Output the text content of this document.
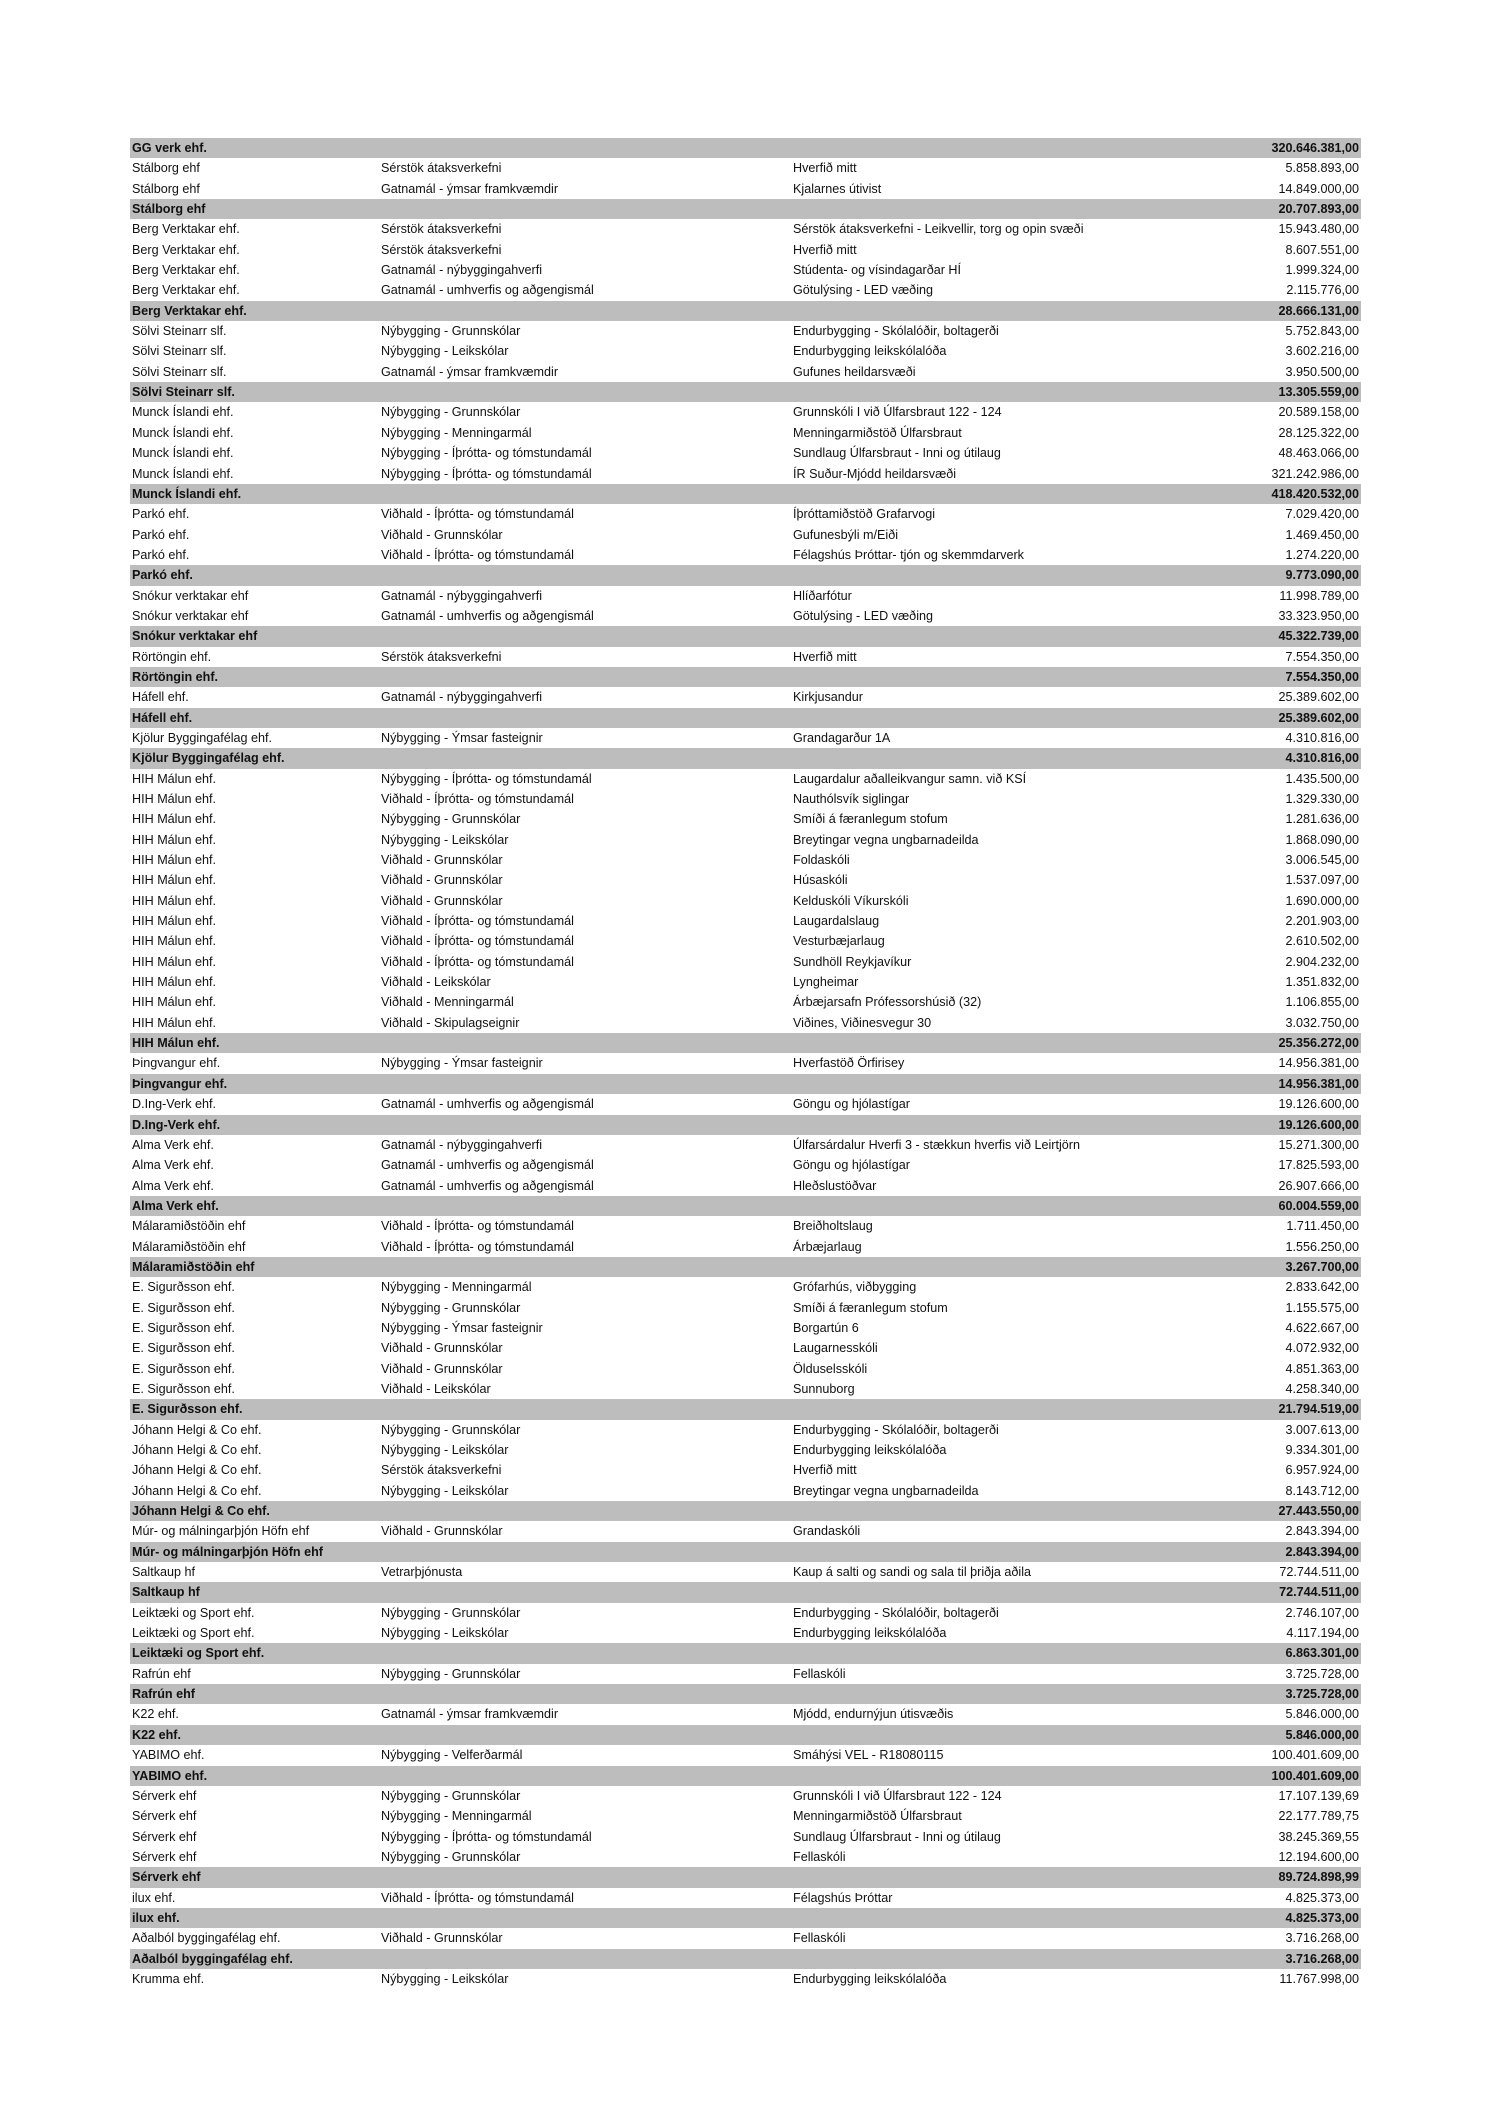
GG verk ehf.	320.646.381,00
Stálborg ehf	Sérstök átaksverkefni	Hverfið mitt	5.858.893,00
Stálborg ehf	Gatnamál - ýmsar framkvæmdir	Kjalarnes útivist	14.849.000,00
Stálborg ehf	20.707.893,00
Berg Verktakar ehf.	Sérstök átaksverkefni	Sérstök átaksverkefni - Leikvellir, torg og opin svæði	15.943.480,00
Berg Verktakar ehf.	Sérstök átaksverkefni	Hverfið mitt	8.607.551,00
Berg Verktakar ehf.	Gatnamál - nýbyggingahverfi	Stúdenta- og vísindagarðar HÍ	1.999.324,00
Berg Verktakar ehf.	Gatnamál - umhverfis og aðgengismál	Götulýsing - LED væðing	2.115.776,00
Berg Verktakar ehf.	28.666.131,00
Sölvi Steinarr slf.	Nýbygging - Grunnskólar	Endurbygging - Skólalóðir, boltagerði	5.752.843,00
Sölvi Steinarr slf.	Nýbygging - Leikskólar	Endurbygging leikskólalóða	3.602.216,00
Sölvi Steinarr slf.	Gatnamál - ýmsar framkvæmdir	Gufunes heildarsvæði	3.950.500,00
Sölvi Steinarr slf.	13.305.559,00
Munck Íslandi ehf.	Nýbygging - Grunnskólar	Grunnskóli I við Úlfarsbraut 122 - 124	20.589.158,00
Munck Íslandi ehf.	Nýbygging - Menningarmál	Menningarmiðstöð Úlfarsbraut	28.125.322,00
Munck Íslandi ehf.	Nýbygging - Íþrótta- og tómstundamál	Sundlaug Úlfarsbraut - Inni og útilaug	48.463.066,00
Munck Íslandi ehf.	Nýbygging - Íþrótta- og tómstundamál	ÍR Suður-Mjódd heildarsvæði	321.242.986,00
Munck Íslandi ehf.	418.420.532,00
Parkó ehf.	Viðhald - Íþrótta- og tómstundamál	Íþróttamiðstöð Grafarvogi	7.029.420,00
Parkó ehf.	Viðhald - Grunnskólar	Gufunesbýli m/Eiði	1.469.450,00
Parkó ehf.	Viðhald - Íþrótta- og tómstundamál	Félagshús Þróttar- tjón og skemmdarverk	1.274.220,00
Parkó ehf.	9.773.090,00
Snókur verktakar ehf	Gatnamál - nýbyggingahverfi	Hlíðarfótur	11.998.789,00
Snókur verktakar ehf	Gatnamál - umhverfis og aðgengismál	Götulýsing - LED væðing	33.323.950,00
Snókur verktakar ehf	45.322.739,00
Rörtöngin ehf.	Sérstök átaksverkefni	Hverfið mitt	7.554.350,00
Rörtöngin ehf.	7.554.350,00
Háfell ehf.	Gatnamál - nýbyggingahverfi	Kirkjusandur	25.389.602,00
Háfell ehf.	25.389.602,00
Kjölur Byggingafélag ehf.	Nýbygging - Ýmsar fasteignir	Grandagarður 1A	4.310.816,00
Kjölur Byggingafélag ehf.	4.310.816,00
HIH Málun ehf.	Nýbygging - Íþrótta- og tómstundamál	Laugardalur aðalleikvangur samn. við KSÍ	1.435.500,00
HIH Málun ehf.	Viðhald - Íþrótta- og tómstundamál	Nauthólsvík siglingar	1.329.330,00
HIH Málun ehf.	Nýbygging - Grunnskólar	Smíði á færanlegum stofum	1.281.636,00
HIH Málun ehf.	Nýbygging - Leikskólar	Breytingar vegna ungbarnadeilda	1.868.090,00
HIH Málun ehf.	Viðhald - Grunnskólar	Foldaskóli	3.006.545,00
HIH Málun ehf.	Viðhald - Grunnskólar	Húsaskóli	1.537.097,00
HIH Málun ehf.	Viðhald - Grunnskólar	Kelduskóli Víkurskóli	1.690.000,00
HIH Málun ehf.	Viðhald - Íþrótta- og tómstundamál	Laugardalslaug	2.201.903,00
HIH Málun ehf.	Viðhald - Íþrótta- og tómstundamál	Vesturbæjarlaug	2.610.502,00
HIH Málun ehf.	Viðhald - Íþrótta- og tómstundamál	Sundhöll Reykjavíkur	2.904.232,00
HIH Málun ehf.	Viðhald - Leikskólar	Lyngheimar	1.351.832,00
HIH Málun ehf.	Viðhald - Menningarmál	Árbæjarsafn Prófessorshúsið (32)	1.106.855,00
HIH Málun ehf.	Viðhald - Skipulagseignir	Viðines, Viðinesvegur 30	3.032.750,00
HIH Málun ehf.	25.356.272,00
Þingvangur ehf.	Nýbygging - Ýmsar fasteignir	Hverfastöð Örfirisey	14.956.381,00
Þingvangur ehf.	14.956.381,00
D.Ing-Verk ehf.	Gatnamál - umhverfis og aðgengismál	Göngu og hjólastígar	19.126.600,00
D.Ing-Verk ehf.	19.126.600,00
Alma Verk ehf.	Gatnamál - nýbyggingahverfi	Úlfarsárdalur Hverfi 3 - stækkun hverfis við Leirtjörn	15.271.300,00
Alma Verk ehf.	Gatnamál - umhverfis og aðgengismál	Göngu og hjólastígar	17.825.593,00
Alma Verk ehf.	Gatnamál - umhverfis og aðgengismál	Hleðslustöðvar	26.907.666,00
Alma Verk ehf.	60.004.559,00
Málaramiðstöðin ehf	Viðhald - Íþrótta- og tómstundamál	Breiðholtslaug	1.711.450,00
Málaramiðstöðin ehf	Viðhald - Íþrótta- og tómstundamál	Árbæjarlaug	1.556.250,00
Málaramiðstöðin ehf	3.267.700,00
E. Sigurðsson ehf.	Nýbygging - Menningarmál	Grófarhús, viðbygging	2.833.642,00
E. Sigurðsson ehf.	Nýbygging - Grunnskólar	Smíði á færanlegum stofum	1.155.575,00
E. Sigurðsson ehf.	Nýbygging - Ýmsar fasteignir	Borgartún 6	4.622.667,00
E. Sigurðsson ehf.	Viðhald - Grunnskólar	Laugarnesskóli	4.072.932,00
E. Sigurðsson ehf.	Viðhald - Grunnskólar	Ölduselsskóli	4.851.363,00
E. Sigurðsson ehf.	Viðhald - Leikskólar	Sunnuborg	4.258.340,00
E. Sigurðsson ehf.	21.794.519,00
Jóhann Helgi & Co ehf.	Nýbygging - Grunnskólar	Endurbygging - Skólalóðir, boltagerði	3.007.613,00
Jóhann Helgi & Co ehf.	Nýbygging - Leikskólar	Endurbygging leikskólalóða	9.334.301,00
Jóhann Helgi & Co ehf.	Sérstök átaksverkefni	Hverfið mitt	6.957.924,00
Jóhann Helgi & Co ehf.	Nýbygging - Leikskólar	Breytingar vegna ungbarnadeilda	8.143.712,00
Jóhann Helgi & Co ehf.	27.443.550,00
Múr- og málningarþjón Höfn ehf	Viðhald - Grunnskólar	Grandaskóli	2.843.394,00
Múr- og málningarþjón Höfn ehf	2.843.394,00
Saltkaup hf	Vetrarþjónusta	Kaup á salti og sandi og sala til þriðja aðila	72.744.511,00
Saltkaup hf	72.744.511,00
Leiktæki og Sport ehf.	Nýbygging - Grunnskólar	Endurbygging - Skólalóðir, boltagerði	2.746.107,00
Leiktæki og Sport ehf.	Nýbygging - Leikskólar	Endurbygging leikskólalóða	4.117.194,00
Leiktæki og Sport ehf.	6.863.301,00
Rafrún ehf	Nýbygging - Grunnskólar	Fellaskóli	3.725.728,00
Rafrún ehf	3.725.728,00
K22 ehf.	Gatnamál - ýmsar framkvæmdir	Mjódd, endurnýjun útisvæðis	5.846.000,00
K22 ehf.	5.846.000,00
YABIMO ehf.	Nýbygging - Velferðarmál	Smáhýsi VEL - R18080115	100.401.609,00
YABIMO ehf.	100.401.609,00
Sérverk ehf	Nýbygging - Grunnskólar	Grunnskóli I við Úlfarsbraut 122 - 124	17.107.139,69
Sérverk ehf	Nýbygging - Menningarmál	Menningarmiðstöð Úlfarsbraut	22.177.789,75
Sérverk ehf	Nýbygging - Íþrótta- og tómstundamál	Sundlaug Úlfarsbraut - Inni og útilaug	38.245.369,55
Sérverk ehf	Nýbygging - Grunnskólar	Fellaskóli	12.194.600,00
Sérverk ehf	89.724.898,99
ilux ehf.	Viðhald - Íþrótta- og tómstundamál	Félagshús Þróttar	4.825.373,00
ilux ehf.	4.825.373,00
Aðalból byggingafélag ehf.	Viðhald - Grunnskólar	Fellaskóli	3.716.268,00
Aðalból byggingafélag ehf.	3.716.268,00
Krumma ehf.	Nýbygging - Leikskólar	Endurbygging leikskólalóða	11.767.998,00
